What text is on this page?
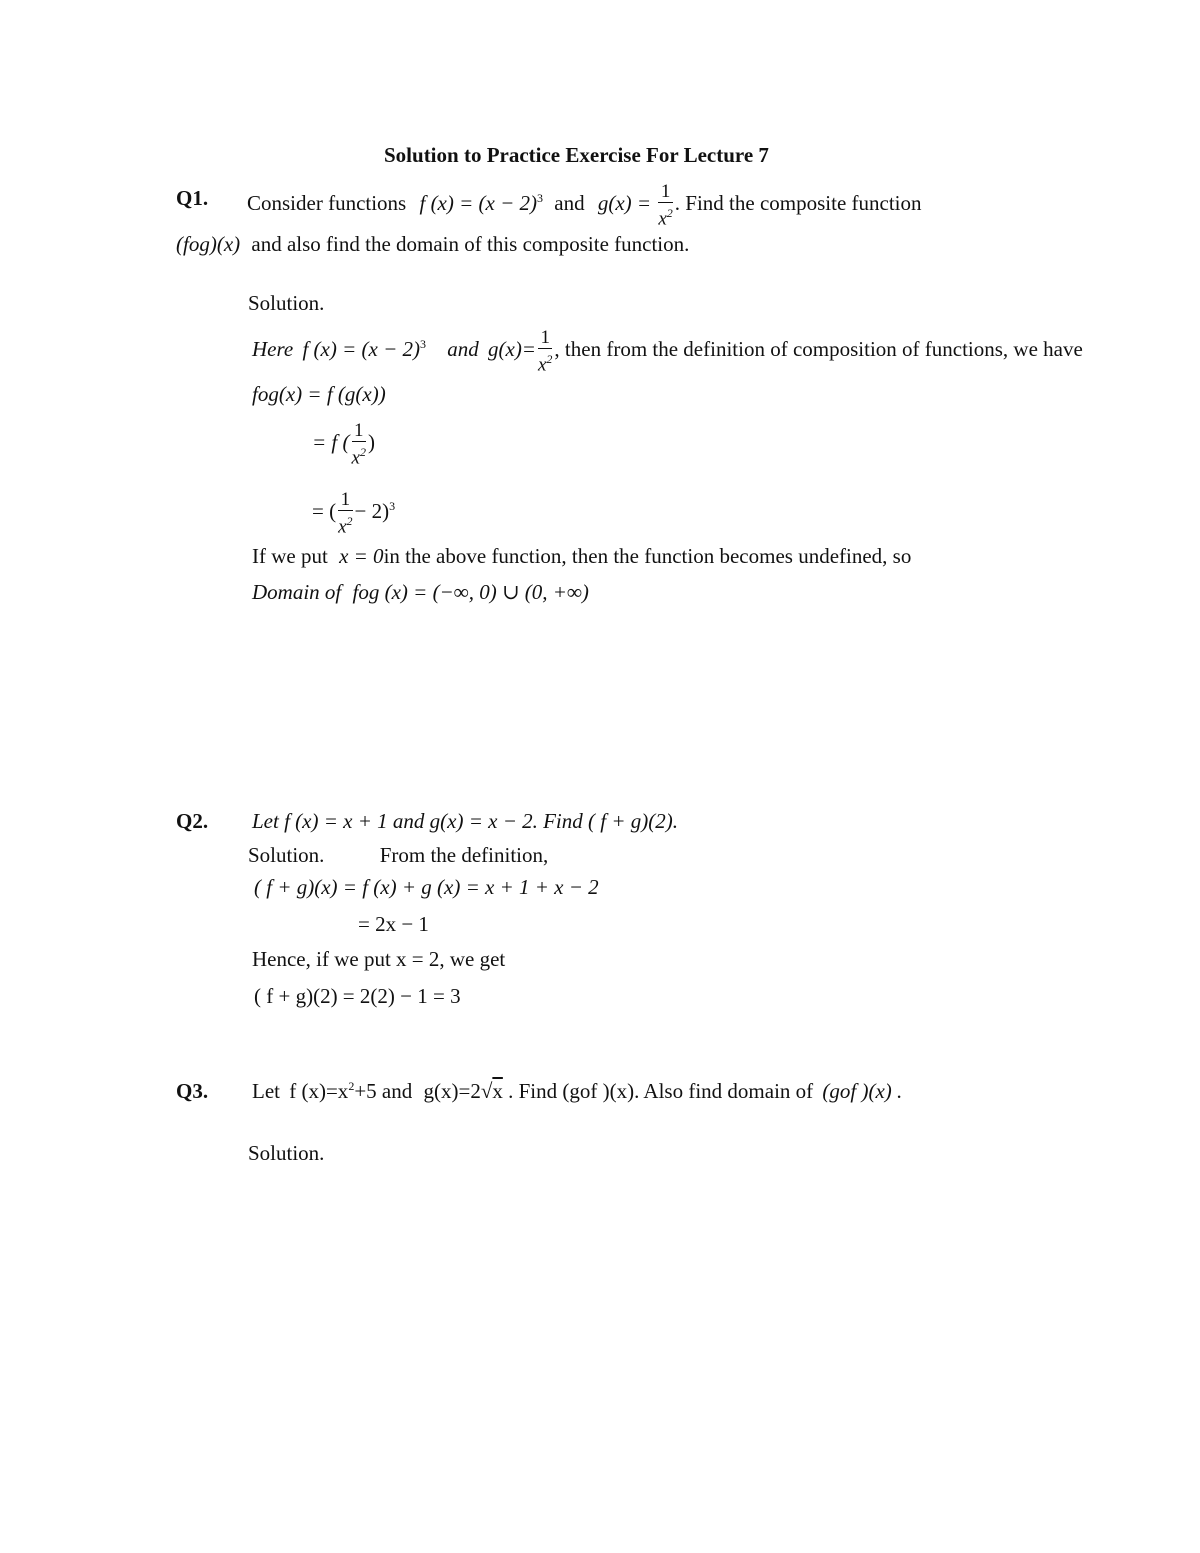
Solution to Practice Exercise For Lecture 7
Q1. Consider functions f $(x) = (x - 2)^3$ and $g(x) = \frac{1}{x^2}$ . Find the composite function
(fog)(x) and also find the domain of this composite function.
Solution.
Here f $(x) = (x - 2)^3$ and $g(x)= \frac{1}{x^2}$ , then from the definition of composition of functions, we have
fog(x) = f (g(x))
= f ( $\frac{1}{x^2}$ )
= ( $\frac{1}{x^2} - 2)^3$
If we put x = 0in the above function, then the function becomes undefined, so
Domain of fog (x) = (−∞, 0) ∪ (0, +∞)
Q2. Let f (x) = x + 1 and g(x) = x − 2. Find ( f + g)(2).
Solution.	From the definition,
( f + g)(x) = f (x) + g (x) = x + 1 + x − 2
= 2x − 1
Hence, if we put x = 2, we get
( f + g)(2) = 2(2) − 1 = 3
Q3. Let f $(x)=x^2+5$ and g(x)=2√x . Find (gof )(x). Also find domain of (gof )(x) .
Solution.
